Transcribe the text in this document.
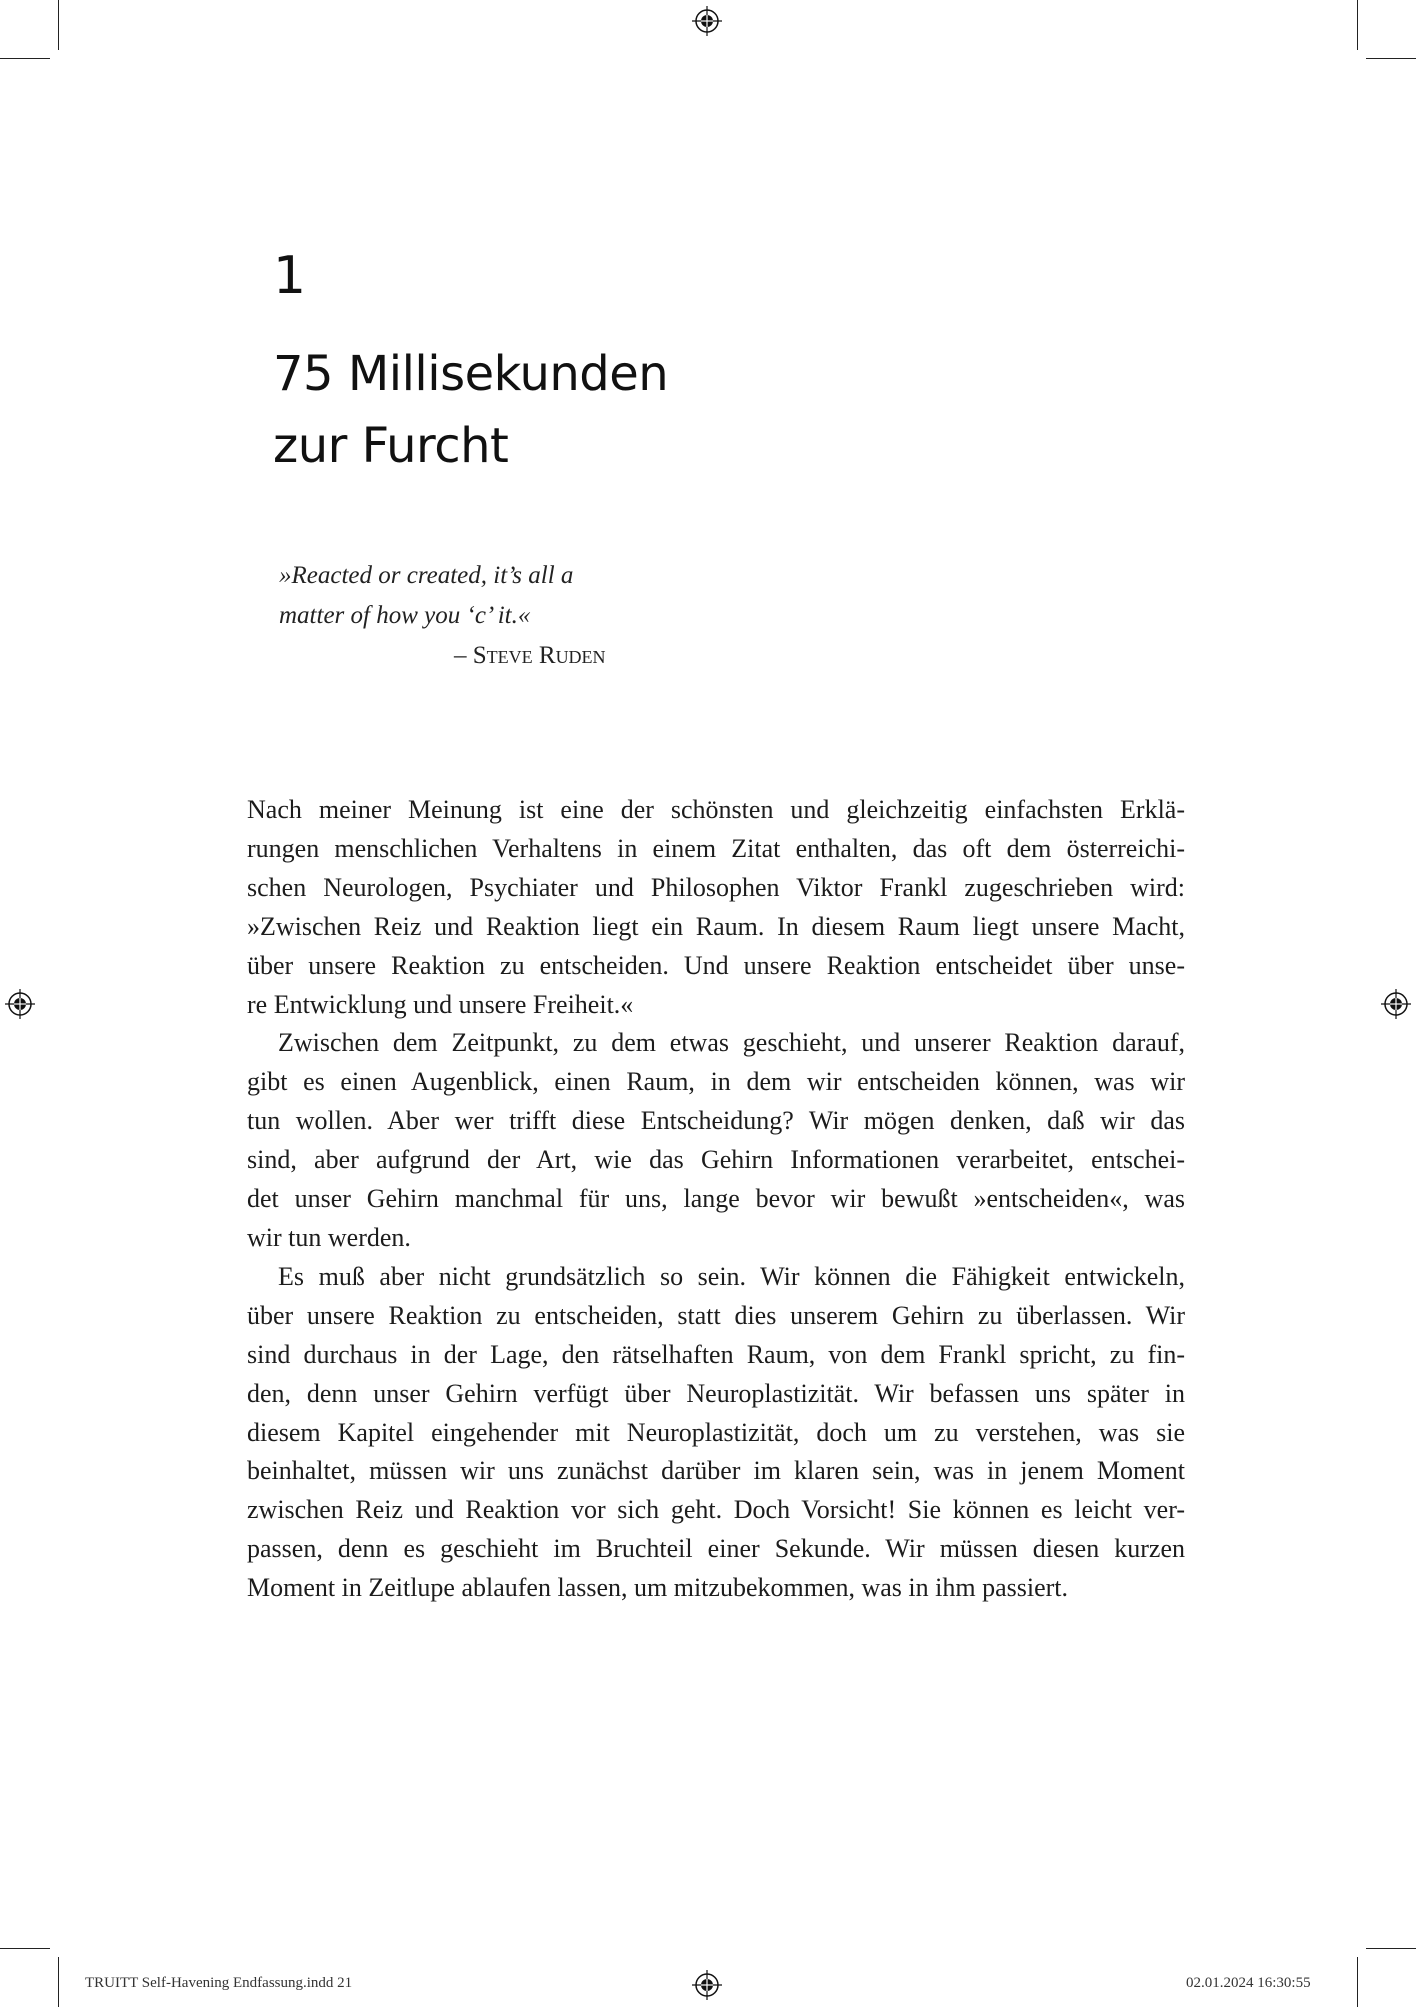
1
75 Millisekunden
zur Furcht
»Reacted or created, it’s all a
matter of how you ‘c’ it.«
– Steve Ruden

Nach meiner Meinung ist eine der schönsten und gleichzeitig einfachsten Erklä-
rungen menschlichen Verhaltens in einem Zitat enthalten, das oft dem österreichi-
schen Neurologen, Psychiater und Philosophen Viktor Frankl zugeschrieben wird:
»Zwischen Reiz und Reaktion liegt ein Raum. In diesem Raum liegt unsere Macht,
über unsere Reaktion zu entscheiden. Und unsere Reaktion entscheidet über unse-
re Entwicklung und unsere Freiheit.«

Zwischen dem Zeitpunkt, zu dem etwas geschieht, und unserer Reaktion darauf,
gibt es einen Augenblick, einen Raum, in dem wir entscheiden können, was wir
tun wollen. Aber wer trifft diese Entscheidung? Wir mögen denken, daß wir das
sind, aber aufgrund der Art, wie das Gehirn Informationen verarbeitet, entschei-
det unser Gehirn manchmal für uns, lange bevor wir bewußt »entscheiden«, was
wir tun werden.

Es muß aber nicht grundsätzlich so sein. Wir können die Fähigkeit entwickeln,
über unsere Reaktion zu entscheiden, statt dies unserem Gehirn zu überlassen. Wir
sind durchaus in der Lage, den rätselhaften Raum, von dem Frankl spricht, zu fin-
den, denn unser Gehirn verfügt über Neuroplastizität. Wir befassen uns später in
diesem Kapitel eingehender mit Neuroplastizität, doch um zu verstehen, was sie
beinhaltet, müssen wir uns zunächst darüber im klaren sein, was in jenem Moment
zwischen Reiz und Reaktion vor sich geht. Doch Vorsicht! Sie können es leicht ver-
passen, denn es geschieht im Bruchteil einer Sekunde. Wir müssen diesen kurzen
Moment in Zeitlupe ablaufen lassen, um mitzubekommen, was in ihm passiert.

TRUITT Self-Havening Endfassung.indd 21	02.01.2024 16:30:55
